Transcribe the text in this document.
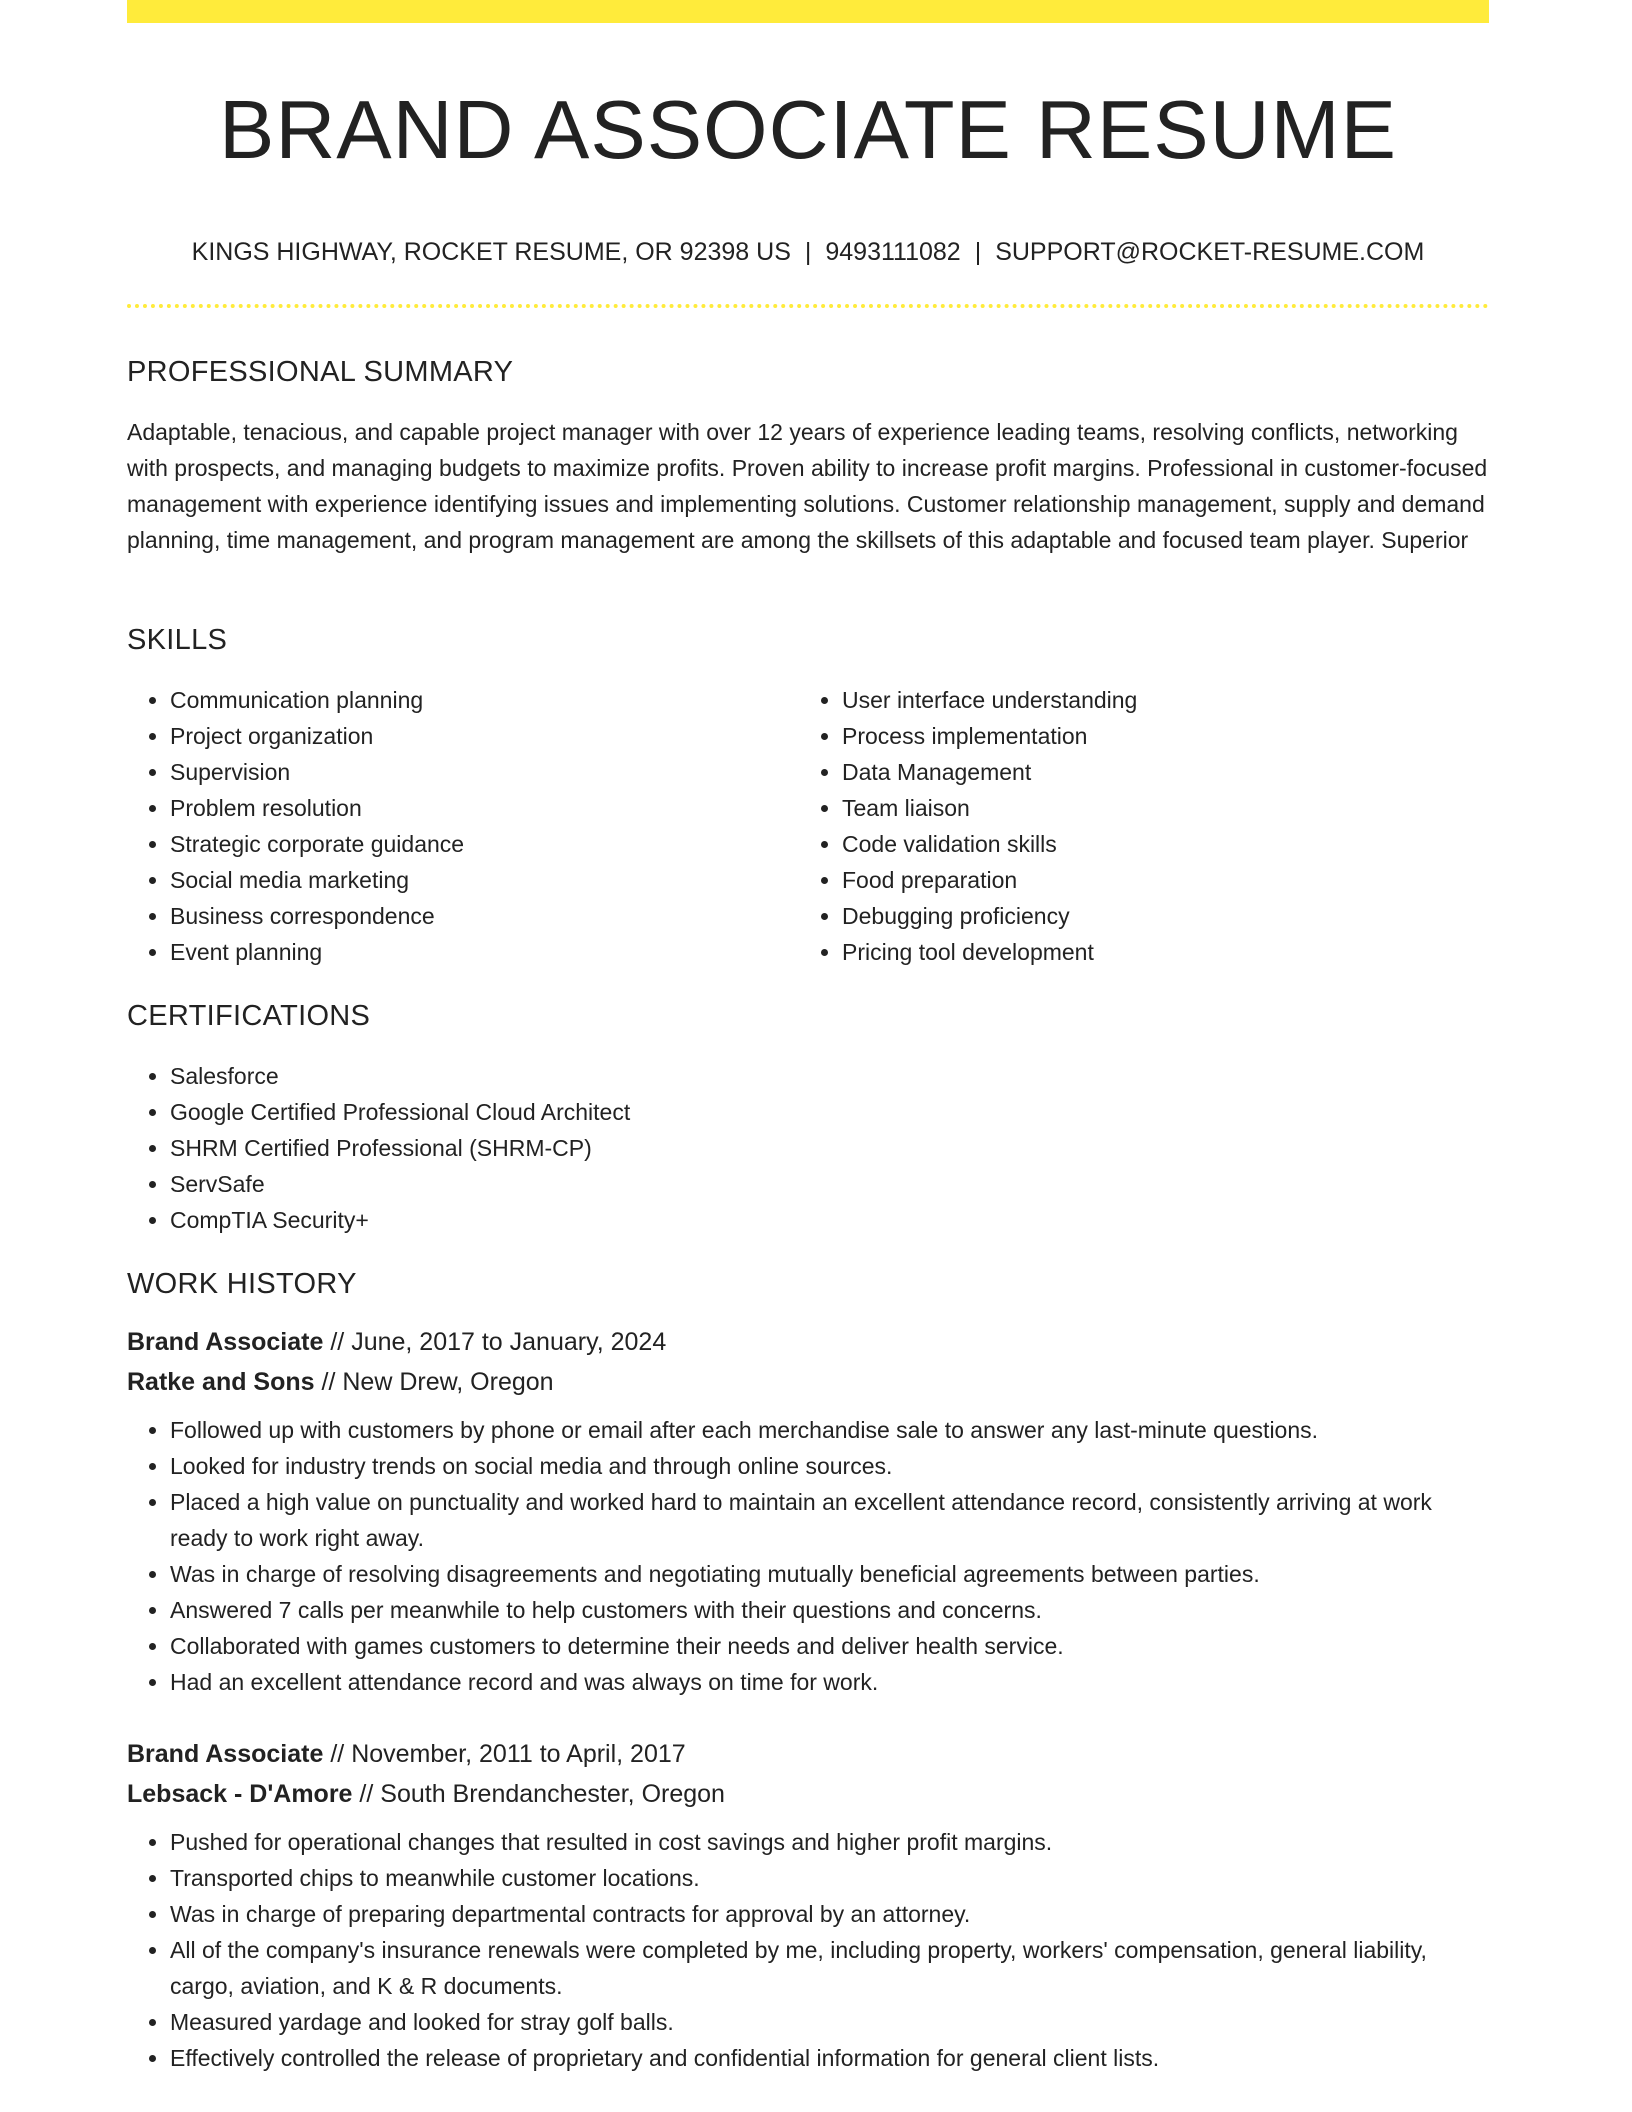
BRAND ASSOCIATE RESUME
KINGS HIGHWAY, ROCKET RESUME, OR 92398 US | 9493111082 | SUPPORT@ROCKET-RESUME.COM
PROFESSIONAL SUMMARY

Adaptable, tenacious, and capable project manager with over 12 years of experience leading teams, resolving conflicts, networking with prospects, and managing budgets to maximize profits. Proven ability to increase profit margins. Professional in customer-focused management with experience identifying issues and implementing solutions. Customer relationship management, supply and demand planning, time management, and program management are among the skillsets of this adaptable and focused team player. Superior

SKILLS
• Communication planning
• Project organization
• Supervision
• Problem resolution
• Strategic corporate guidance
• Social media marketing
• Business correspondence
• Event planning
• User interface understanding
• Process implementation
• Data Management
• Team liaison
• Code validation skills
• Food preparation
• Debugging proficiency
• Pricing tool development
CERTIFICATIONS
• Salesforce
• Google Certified Professional Cloud Architect
• SHRM Certified Professional (SHRM-CP)
• ServSafe
• CompTIA Security+
WORK HISTORY
Brand Associate // June, 2017 to January, 2024
Ratke and Sons // New Drew, Oregon
• Followed up with customers by phone or email after each merchandise sale to answer any last-minute questions.
• Looked for industry trends on social media and through online sources.
• Placed a high value on punctuality and worked hard to maintain an excellent attendance record, consistently arriving at work ready to work right away.
• Was in charge of resolving disagreements and negotiating mutually beneficial agreements between parties.
• Answered 7 calls per meanwhile to help customers with their questions and concerns.
• Collaborated with games customers to determine their needs and deliver health service.
• Had an excellent attendance record and was always on time for work.
Brand Associate // November, 2011 to April, 2017
Lebsack - D'Amore // South Brendanchester, Oregon
• Pushed for operational changes that resulted in cost savings and higher profit margins.
• Transported chips to meanwhile customer locations.
• Was in charge of preparing departmental contracts for approval by an attorney.
• All of the company's insurance renewals were completed by me, including property, workers' compensation, general liability, cargo, aviation, and K & R documents.
• Measured yardage and looked for stray golf balls.
• Effectively controlled the release of proprietary and confidential information for general client lists.
